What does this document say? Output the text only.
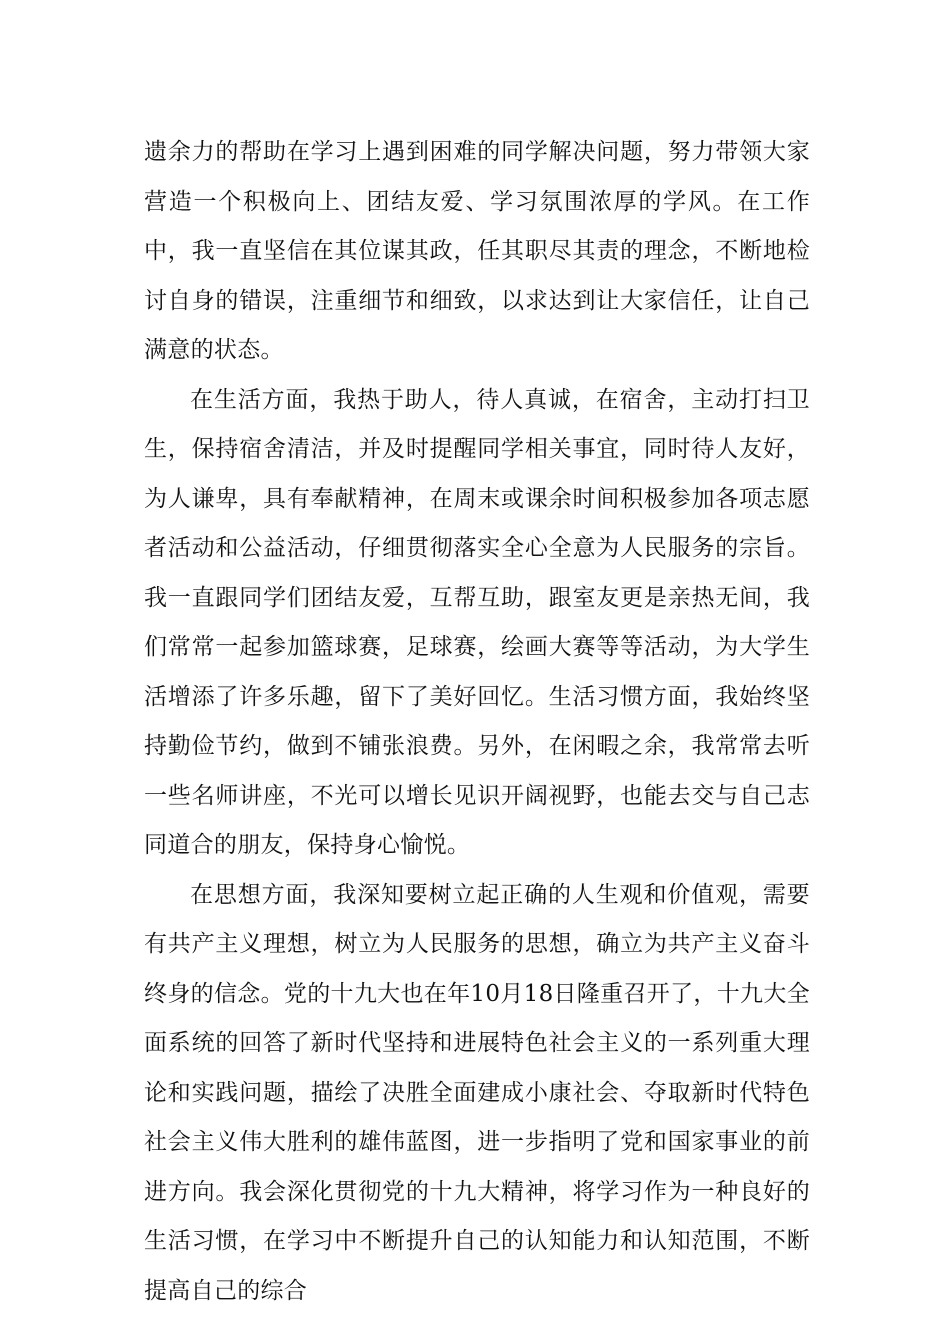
遗余力的帮助在学习上遇到困难的同学解决问题，努力带领大家营造一个积极向上、团结友爱、学习氛围浓厚的学风。在工作中，我一直坚信在其位谋其政，任其职尽其责的理念，不断地检讨自身的错误，注重细节和细致，以求达到让大家信任，让自己满意的状态。

在生活方面，我热于助人，待人真诚，在宿舍，主动打扫卫生，保持宿舍清洁，并及时提醒同学相关事宜，同时待人友好，为人谦卑，具有奉献精神，在周末或课余时间积极参加各项志愿者活动和公益活动，仔细贯彻落实全心全意为人民服务的宗旨。我一直跟同学们团结友爱，互帮互助，跟室友更是亲热无间，我们常常一起参加篮球赛，足球赛，绘画大赛等等活动，为大学生活增添了许多乐趣，留下了美好回忆。生活习惯方面，我始终坚持勤俭节约，做到不铺张浪费。另外，在闲暇之余，我常常去听一些名师讲座，不光可以增长见识开阔视野，也能去交与自己志同道合的朋友，保持身心愉悦。

在思想方面，我深知要树立起正确的人生观和价值观，需要有共产主义理想，树立为人民服务的思想，确立为共产主义奋斗终身的信念。党的十九大也在年10月18日隆重召开了，十九大全面系统的回答了新时代坚持和进展特色社会主义的一系列重大理论和实践问题，描绘了决胜全面建成小康社会、夺取新时代特色社会主义伟大胜利的雄伟蓝图，进一步指明了党和国家事业的前进方向。我会深化贯彻党的十九大精神，将学习作为一种良好的生活习惯，在学习中不断提升自己的认知能力和认知范围，不断提高自己的综合
